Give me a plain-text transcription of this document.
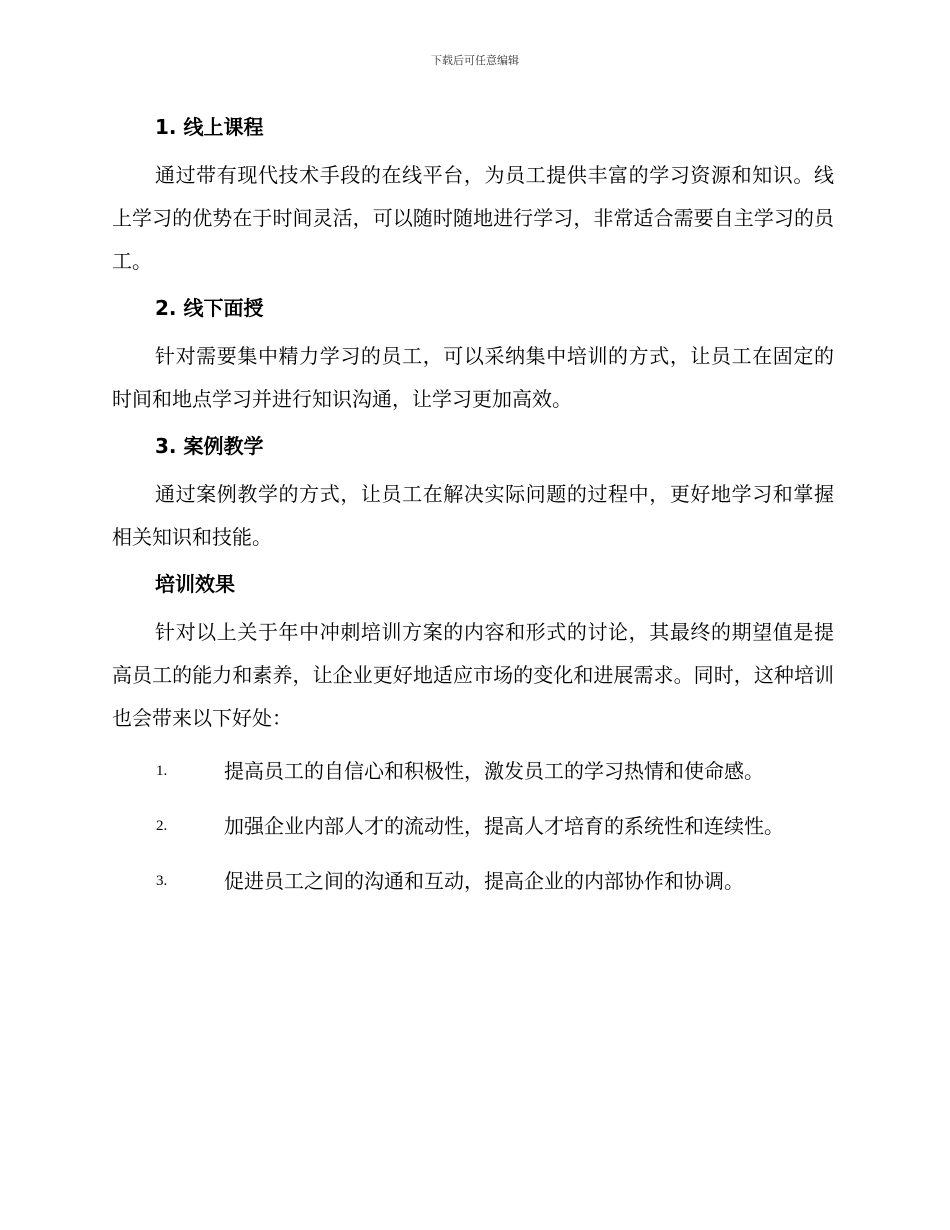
下载后可任意编辑
1. 线上课程

通过带有现代技术手段的在线平台，为员工提供丰富的学习资源和知识。线上学习的优势在于时间灵活，可以随时随地进行学习，非常适合需要自主学习的员工。

2. 线下面授

针对需要集中精力学习的员工，可以采纳集中培训的方式，让员工在固定的时间和地点学习并进行知识沟通，让学习更加高效。

3. 案例教学

通过案例教学的方式，让员工在解决实际问题的过程中，更好地学习和掌握相关知识和技能。

培训效果

针对以上关于年中冲刺培训方案的内容和形式的讨论，其最终的期望值是提高员工的能力和素养，让企业更好地适应市场的变化和进展需求。同时，这种培训也会带来以下好处：

1.	提高员工的自信心和积极性，激发员工的学习热情和使命感。
2.	加强企业内部人才的流动性，提高人才培育的系统性和连续性。
3.	促进员工之间的沟通和互动，提高企业的内部协作和协调。
